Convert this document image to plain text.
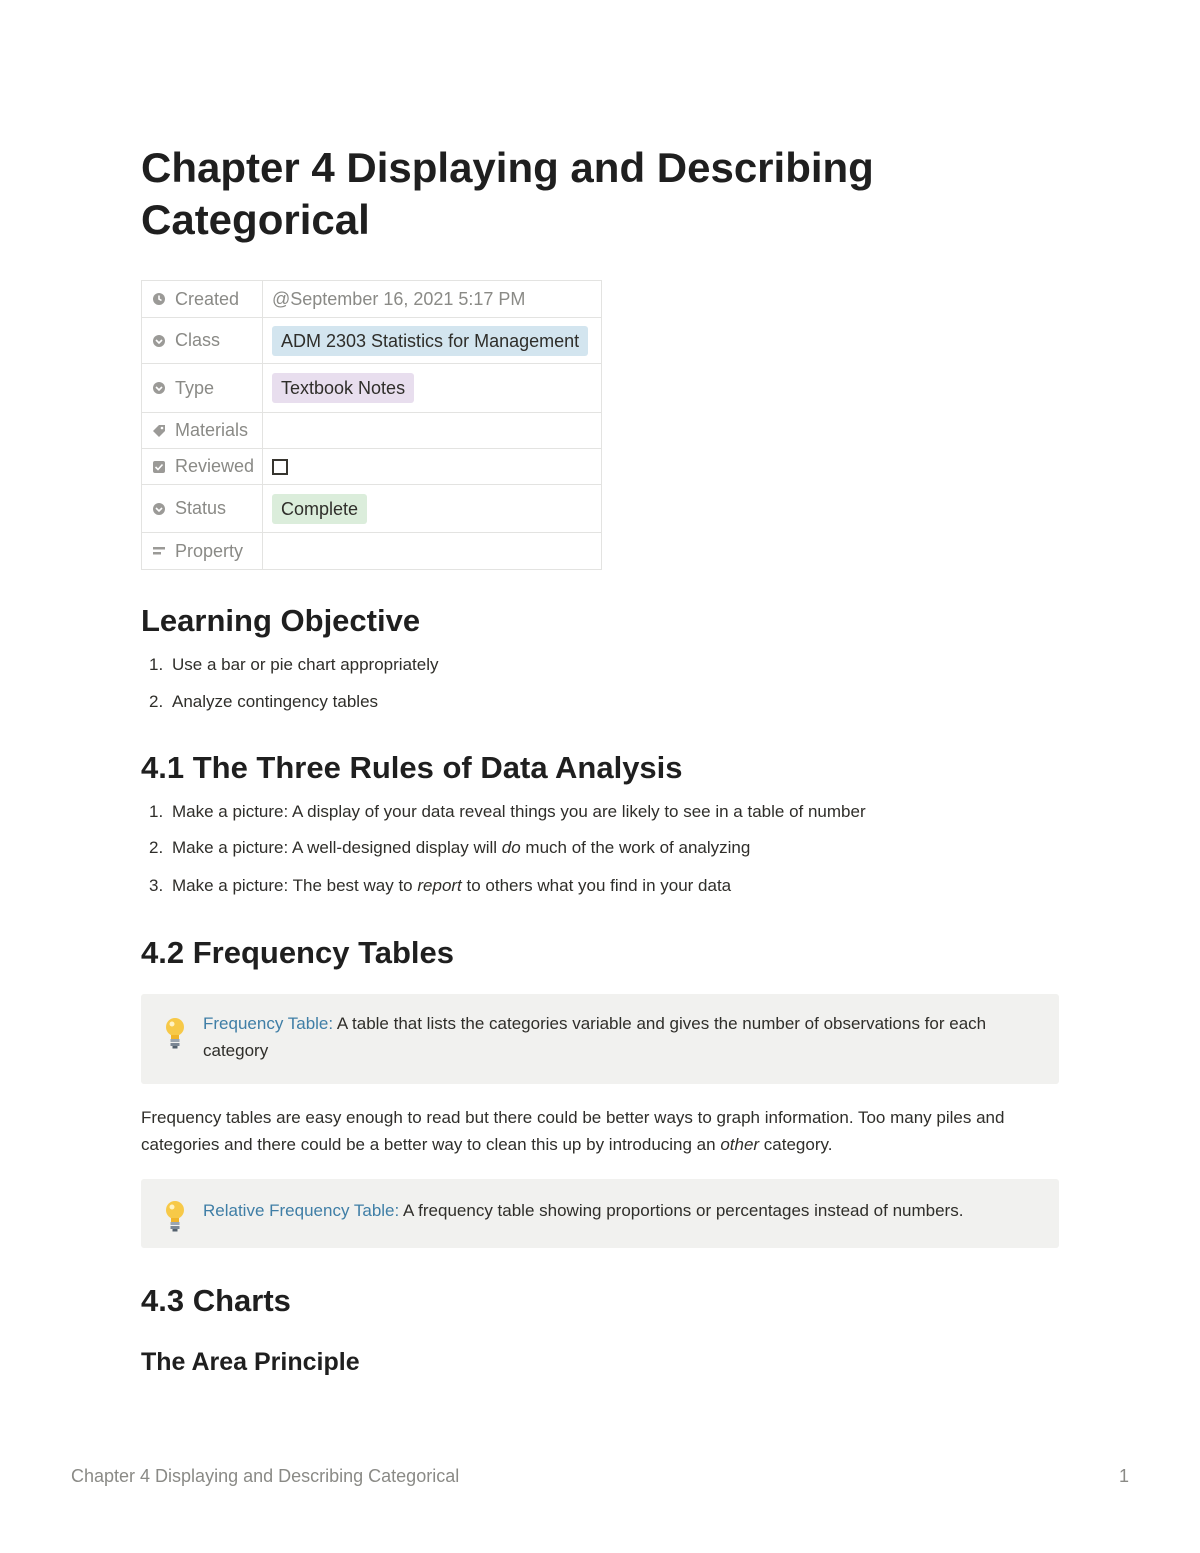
Chapter 4 Displaying and Describing Categorical
Created	@September 16, 2021 5:17 PM

Class	ADM 2303 Statistics for Management

Type	Textbook Notes

Materials	

Reviewed	

Status	Complete

Property	

Learning Objective
1. Use a bar or pie chart appropriately
2. Analyze contingency tables
4.1 The Three Rules of Data Analysis
1. Make a picture: A display of your data reveal things you are likely to see in a table of number
2. Make a picture: A well-designed display will do much of the work of analyzing
3. Make a picture: The best way to report to others what you find in your data
4.2 Frequency Tables
Frequency Table: A table that lists the categories variable and gives the number of observations for each category

Frequency tables are easy enough to read but there could be better ways to graph information. Too many piles and categories and there could be a better way to clean this up by introducing an other category.

Relative Frequency Table: A frequency table showing proportions or percentages instead of numbers.
4.3 Charts
The Area Principle
Chapter 4 Displaying and Describing Categorical	1
